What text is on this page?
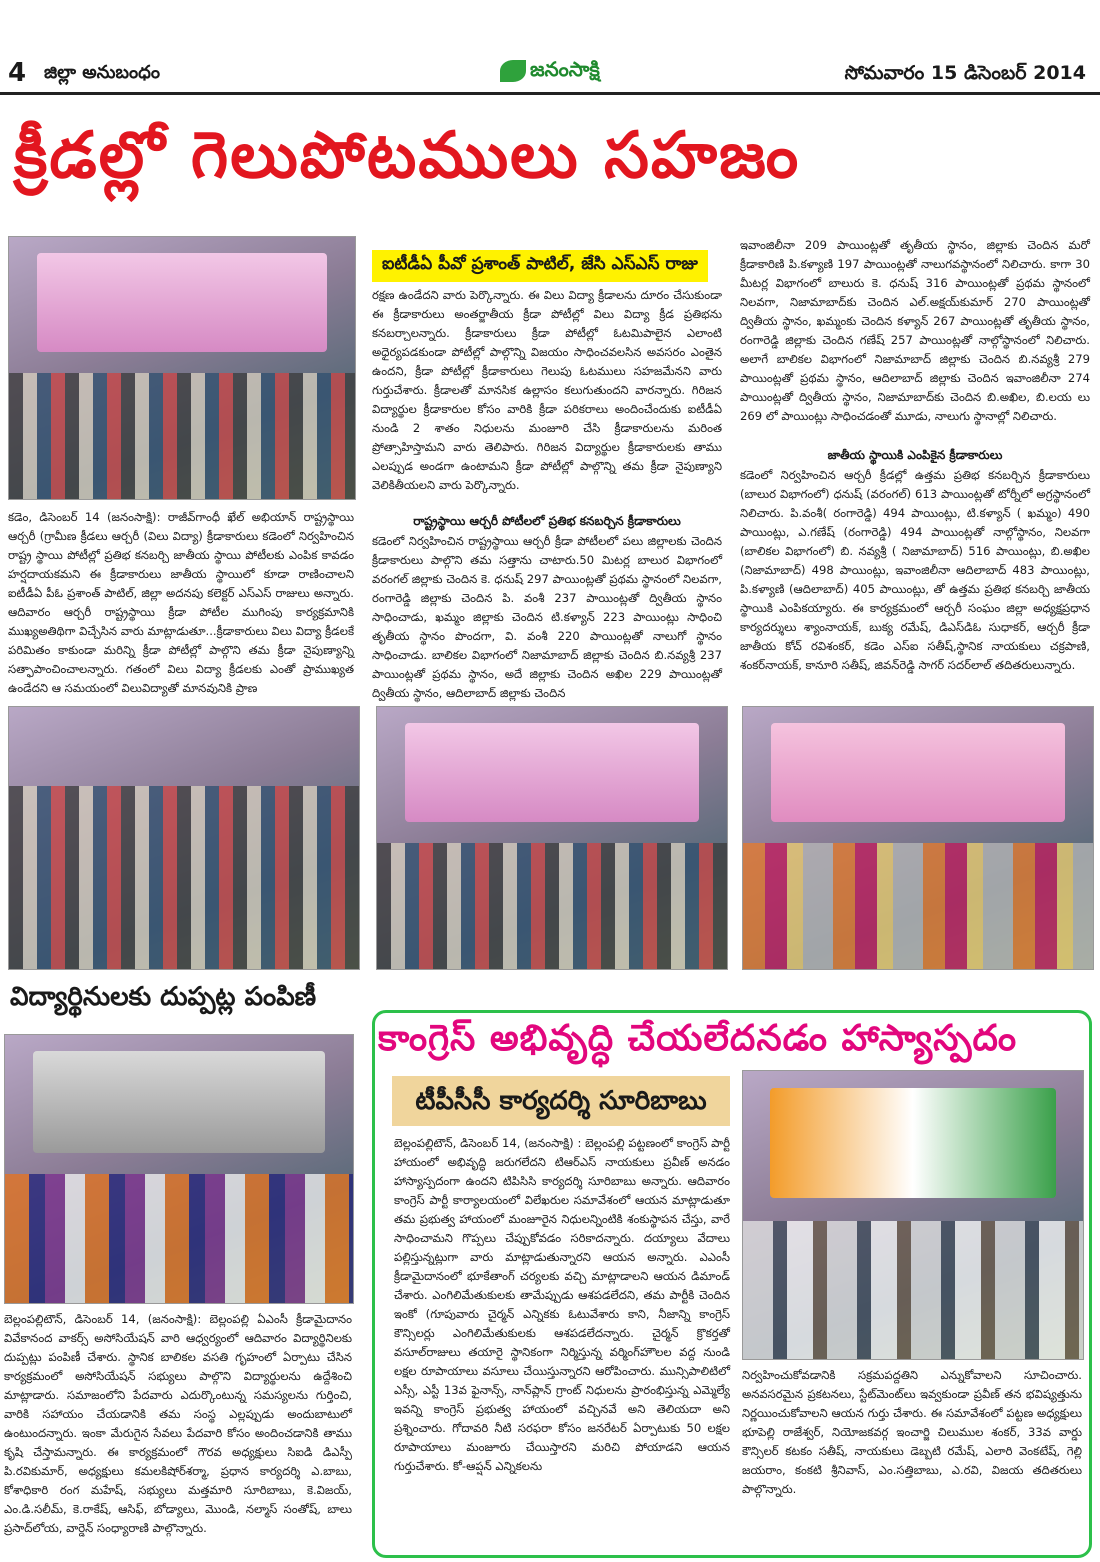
4 జిల్లా అనుబంధం	జనంసాక్షి	సోమవారం 15 డిసెంబర్ 2014
క్రీడల్లో గెలుపోటములు సహజం
ఐటీడీఏ పీవో ప్రశాంత్ పాటిల్, జేసి ఎస్ఎస్ రాజు

కడెం, డిసెంబర్ 14 (జనంసాక్షి): రాజీవ్‌గాంధీ ఖేల్ అభియాన్ రాష్ట్రస్థాయి ఆర్చరీ (గ్రామీణ క్రీడలు ఆర్చరీ (విలు విద్యా) క్రీడాకారులు కడెంలో నిర్వహించిన రాష్ట్ర స్థాయి పోటీల్లో ప్రతిభ కనబర్చి జాతీయ స్థాయి పోటీలకు ఎంపిక కావడం హర్షదాయకమని ఈ క్రీడాకారులు జాతీయ స్థాయిలో కూడా రాణించాలని ఐటీడీఏ పీఓ ప్రశాంత్ పాటిల్, జిల్లా అదనపు కలెక్టర్ ఎస్ఎస్ రాజులు అన్నారు. ఆదివారం ఆర్చరీ రాష్ట్రస్థాయి క్రీడా పోటీల ముగింపు కార్యక్రమానికి ముఖ్యఅతిథిగా విచ్చేసిన వారు మాట్లాడుతూ...క్రీడాకారులు విలు విద్యా క్రీడలకే పరిమితం కాకుండా మరిన్ని క్రీడా పోటీల్లో పాల్గొని తమ క్రీడా నైపుణ్యాన్ని సత్ఫాపాంచించాలన్నారు. గతంలో విలు విద్యా క్రీడలకు ఎంతో ప్రాముఖ్యత ఉండేదని ఆ సమయంలో విలువిద్యాతో మానవునికి ప్రాణ

రక్షణ ఉండేదని వారు పెర్కొన్నారు. ఈ విలు విద్యా క్రీడాలను దూరం చేసుకుండా ఈ క్రీడాకారులు అంతర్జాతీయ క్రీడా పోటీల్లో విలు విద్యా క్రీడ ప్రతిభను కనబర్చాలన్నారు. క్రీడాకారులు క్రీడా పోటీల్లో ఓటమిపాలైన ఎలాంటి అధైర్యపడకుండా పోటీల్లో పాల్గొన్ని విజయం సాధించవలసిన అవసరం ఎంతైన ఉందని, క్రీడా పోటీల్లో క్రీడాకారులు గెలుపు ఓటములు సహజమేనని వారు గుర్తుచేశారు. క్రీడాలతో మానసిక ఉల్లాసం కలుగుతుందని వారన్నారు. గిరిజన విద్యార్థుల క్రీడాకారుల కోసం వారికి క్రీడా పరికరాలు అందించేందుకు ఐటీడీఏ నుండి 2 శాతం నిధులను మంజూరి చేసి క్రీడాకారులను మరింత ప్రోత్సాహిస్తామని వారు తెలిపారు. గిరిజన విద్యార్థుల క్రీడాకారులకు తాము ఎలప్పుడ అండగా ఉంటామని క్రీడా పోటీల్లో పాల్గొన్ని తమ క్రీడా నైపుణ్యాని వెలికితీయలని వారు పెర్కొన్నారు.

రాష్ట్రస్థాయి ఆర్చరీ పోటీలలో ప్రతిభ కనబర్చిన క్రీడాకారులు

కడెంలో నిర్వహించిన రాష్ట్రస్థాయి ఆర్చరీ క్రీడా పోటీలలో పలు జిల్లాలకు చెందిన క్రీడాకారులు పాల్గొని తమ సత్తాను చాటారు.50 మిటర్ల బాలుర విభాగంలో వరంగల్ జిల్లాకు చెందిన కె. ధనుష్ 297 పాయింట్లతో ప్రథమ స్థానంలో నిలవగా, రంగారెడ్డి జిల్లాకు చెందిన పి. వంశీ 237 పాయింట్లతో ద్వితీయ స్థానం సాధించాడు, ఖమ్మం జిల్లాకు చెందిన టి.కళ్యాన్ 223 పాయింట్లు సాధించి తృతీయ స్థానం పొందగా, వి. వంశీ 220 పాయింట్లతో నాలుగో స్థానం సాధించాడు. బాలికల విభాగంలో నిజామాబాద్ జిల్లాకు చెందిన బి.నవ్యశ్రీ 237 పాయింట్లతో ప్రథమ స్థానం, అదే జిల్లాకు చెందిన అఖిల 229 పాయింట్లతో ద్వితీయ స్థానం, ఆదిలాబాద్ జిల్లాకు చెందిన

ఇవాంజిలీనా 209 పాయింట్లతో తృతీయ స్థానం, జిల్లాకు చెందిన మరో క్రీడాకారిణి పి.కళ్యాణి 197 పాయింట్లతో నాలుగవస్థానంలో నిలిచారు. కాగా 30 మీటర్ల విభాగంలో బాలురు కె. ధనుష్ 316 పాయింట్లతో ప్రథమ స్థానంలో నిలవగా, నిజామాబాద్‌కు చెందిన ఎల్.అక్షయ్‌కుమార్ 270 పాయింట్లతో ద్వితీయ స్థానం, ఖమ్మంకు చెందిన కళ్యాన్ 267 పాయింట్లతో తృతీయ స్థానం, రంగారెడ్డి జిల్లాకు చెందిన గణేష్ 257 పాయింట్లతో నాల్గోస్థానంలో నిలిచారు. అలాగే బాలికల విభాగంలో నిజామాబాద్ జిల్లాకు చెందిన బి.నవ్యశ్రీ 279 పాయింట్లతో ప్రథమ స్థానం, ఆదిలాబాద్ జిల్లాకు చెందిన ఇవాంజిలీనా 274 పాయింట్లతో ద్వితీయ స్థానం, నిజామాబాద్‌కు చెందిన బి.అఖిల, బి.లయ లు 269 లో పాయింట్లు సాధించడంతో మూడు, నాలుగు స్థానాల్లో నిలిచారు.

జాతీయ స్థాయికి ఎంపికైన క్రీడాకారులు

కడెంలో నిర్వహించిన ఆర్చరీ క్రీడల్లో ఉత్తమ ప్రతిభ కనబర్చిన క్రీడాకారులు (బాలుర విభాగంలో) ధనుష్ (వరంగల్) 613 పాయింట్లతో టోర్నీలో అగ్రస్థానంలో నిలిచారు. పి.వంశీ( రంగారెడ్డి) 494 పాయింట్లు, టి.కళ్యాన్ ( ఖమ్మం) 490 పాయింట్లు, ఎ.గణేష్ (రంగారెడ్డి) 494 పాయింట్లతో నాల్గోస్థానం, నిలవగా (బాలికల విభాగంలో) బి. నవ్యశ్రీ ( నిజామాబాద్) 516 పాయింట్లు, బి.అఖిల (నిజామాబాద్) 498 పాయింట్లు, ఇవాంజిలీనా ఆదిలాబాద్ 483 పాయింట్లు, పి.కళ్యాణి (ఆదిలాబాద్) 405 పాయింట్లు, తో ఉత్తమ ప్రతిభ కనబర్చి జాతీయ స్థాయికి ఎంపికయ్యారు. ఈ కార్యక్రమంలో ఆర్చరీ సంఘం జిల్లా అధ్యక్షప్రధాన కార్యదర్శులు శ్యాంనాయక్, బుక్య రమేష్, డిఎస్‌డిఓ సుధాకర్, ఆర్చరీ క్రీడా జాతీయ కోచ్ రవిశంకర్, కడెం ఎస్ఐ సతీష్,స్థానిక నాయకులు చక్రపాణి, శంకర్‌నాయక్, కానూరి సతీష్, జివన్‌రెడ్డి సాగర్ సదర్‌లాల్ తదితరులున్నారు.

విద్యార్థినులకు దుప్పట్ల పంపిణీ

బెల్లంపల్లిటౌన్, డిసెంబర్ 14, (జనంసాక్షి): బెల్లంపల్లి ఏఎంసీ క్రీడామైదానం వివేకానంద వాకర్స్ అసోసియేషన్ వారి ఆధ్వర్యంలో ఆదివారం విద్యార్థినిలకు దుప్పట్లు పంపిణీ చేశారు. స్థానిక బాలికల వసతి గృహంలో ఏర్పాటు చేసిన కార్యక్రమంలో అసోసియేషన్ సభ్యులు పాల్గొని విద్యార్థులను ఉద్దేశించి మాట్లాడారు. సమాజంలోని పేదవారు ఎదుర్కొంటున్న సమస్యలను గుర్తించి, వారికి సహాయం చేయడానికి తమ సంస్థ ఎల్లప్పుడు అందుబాటులో ఉంటుందన్నారు. ఇంకా మేరుగైన సేవలు పేదవారి కోసం అందించడానికి తాము కృషి చేస్తామన్నారు. ఈ కార్యక్రమంలో గౌరవ అధ్యక్షులు సిఐడి డిఎస్పీ పి.రవికుమార్, అధ్యక్షులు కమలకిషోర్‌శర్మా, ప్రధాన కార్యదర్శి ఎ.బాబు, కోశాధికారి రంగ మహేష్, సభ్యులు మత్తమారి సూరిబాబు, కె.విజయ్, ఎం.డి.సలీమ్, కె.రాకేష్, ఆసిఫ్, బోడ్యాలు, మొండి, నల్మాస్ సంతోష్, బాలు ప్రసాద్‌లోయ, వార్డెన్ సంధ్యారాణి పాల్గొన్నారు.

కాంగ్రెస్ అభివృద్ధి చేయలేదనడం హాస్యాస్పదం
టీపీసీసీ కార్యదర్శి సూరిబాబు

బెల్లంపల్లిటౌన్, డిసెంబర్ 14, (జనంసాక్షి) : బెల్లంపల్లి పట్టణంలో కాంగ్రెస్ పార్టీ హాయంలో అభివృద్ధి జరుగలేదని టిఆర్ఎస్ నాయకులు ప్రవీణ్ అనడం హాస్యాస్పదంగా ఉందని టిపిసిసి కార్యదర్శి సూరిబాబు అన్నారు. ఆదివారం కాంగ్రెస్ పార్టీ కార్యాలయంలో విలేఖరుల సమావేశంలో ఆయన మాట్లాడుతూ తమ ప్రభుత్వ హాయంలో మంజూరైన నిధులన్నింటికి శంకుస్థాపన చేస్తు, వారే సాధించామని గొప్పలు చేప్పుకోవడం సరికాదన్నారు. దయ్యాలు వేదాలు పల్లిస్తున్నట్లుగా వారు మాట్లాడుతున్నారని ఆయన అన్నారు. ఎఎంసీ క్రీడామైదానంలో భూకేతాంగ్ చర్యలకు వచ్చి మాట్లాడాలని ఆయన డిమాండ్ చేశారు. ఎంగిలిమేతుకులకు తామేప్పుడు ఆశపడలేదని, తమ పార్టీకి చెందిన ఇంకో (గూపువారు చైర్మన్ ఎన్నికకు ఓటువేశారు కాని, నీజాన్ని కాంగ్రెస్ కౌన్సిలర్లు ఎంగిలిమేతుకులకు ఆశపడలేదన్నారు. చైర్మన్ క్రొకర్తతో వసూల్‌రాజులు తయారై స్థానికంగా నిర్మిస్తున్న వర్మింగ్‌హౌలల వద్ద నుండి లక్షల రూపాయాలు వసూలు చేయిస్తున్నారని ఆరోపించారు. మున్సిపాలిటిలో ఎస్సీ, ఎస్టీ 13వ ఫైనాన్స్, నాన్‌ప్లాన్ గ్రాంట్ నిధులను ప్రారంభిస్తున్న ఎమ్మెల్యే ఇవన్ని కాంగ్రెస్ ప్రభుత్వ హాయంలో వచ్చినవే అని తెలియదా అని ప్రశ్నించారు. గోదావరి నీటి సరఫరా కోసం జనరేటర్ ఏర్పాటుకు 50 లక్షల రూపాయాలు మంజూరు చేయిస్తారని మరిచి పోయాడని ఆయన గుర్తుచేశారు. కో-ఆప్షన్ ఎన్నికలను

నిర్వహించుకోవడానికి సక్రమపద్దతిని ఎన్నుకోవాలని సూచించారు. అనవసరమైన ప్రకటనలు, స్టేట్‌మెంట్‌లు ఇవ్వకుండా ప్రవీణ్ తన భవిష్యత్తును నిర్ణయించుకోవాలని ఆయన గుర్తు చేశారు. ఈ సమావేశంలో పట్టణ అధ్యక్షులు భూపెల్లి రాజేశ్వర్, నియోజకవర్గ ఇంచార్జి చిలుముల శంకర్, 33వ వార్డు కౌన్సిలర్ కటకం సతీష్, నాయకులు డెబ్బటి రమేష్, ఎలారి వెంకటేష్, గెల్లి జయరాం, కంకటి శ్రీనివాస్, ఎం.సత్తిబాబు, ఎ.రవి, విజయ తదితరులు పాల్గొన్నారు.
